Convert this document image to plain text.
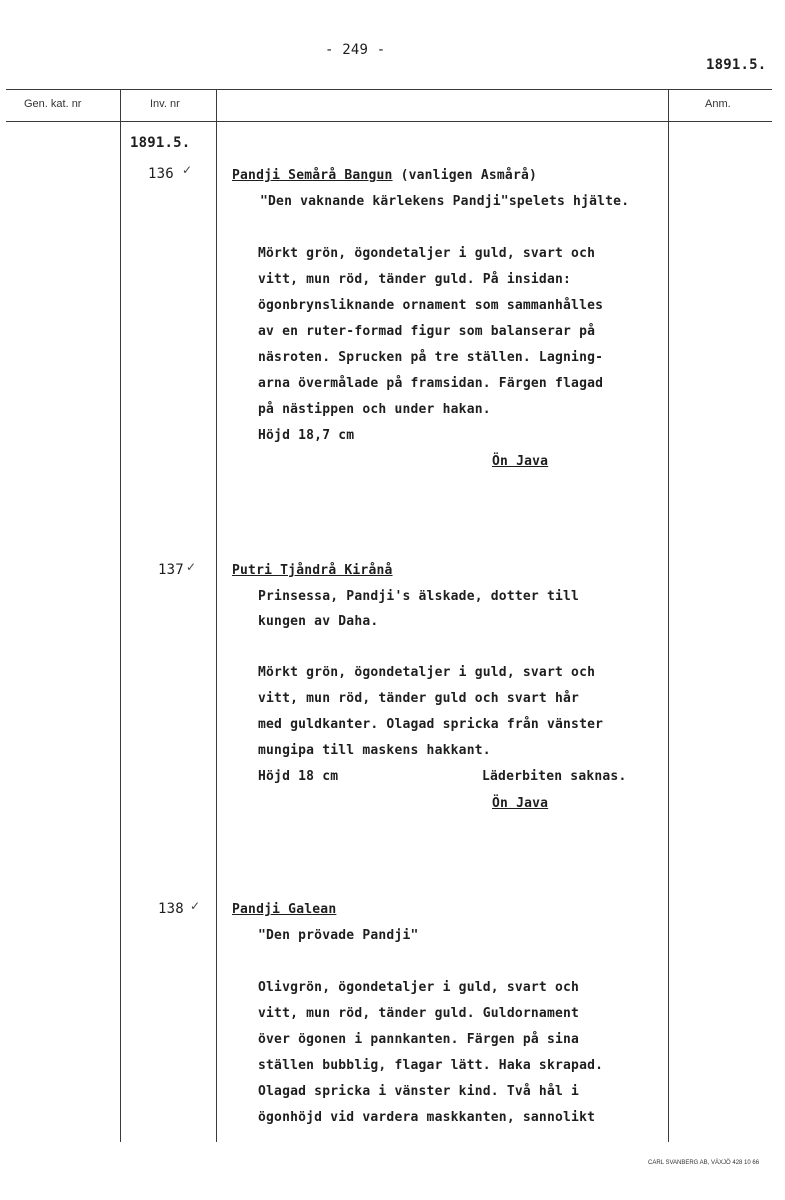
- 249 -
1891.5.
Gen. kat. nr	Inv. nr	Anm.
1891.5.
136 ✓	Pandji Semårå Bangun (vanligen Asmårå)
"Den vaknande kärlekens Pandji"spelets hjälte.
Mörkt grön, ögondetaljer i guld, svart och
vitt, mun röd, tänder guld. På insidan:
ögonbrynsliknande ornament som sammanhålles
av en ruter-formad figur som balanserar på
näsroten. Sprucken på tre ställen. Lagning-
arna övermålade på framsidan. Färgen flagad
på nästippen och under hakan.
Höjd 18,7 cm
Ön Java
137 ✓	Putri Tjåndrå Kirånå
Prinsessa, Pandji's älskade, dotter till
kungen av Daha.
Mörkt grön, ögondetaljer i guld, svart och
vitt, mun röd, tänder guld och svart hår
med guldkanter. Olagad spricka från vänster
mungipa till maskens hakkant.
Höjd 18 cm	Läderbiten saknas.
Ön Java
138 ✓ Pandji Galean
"Den prövade Pandji"
Olivgrön, ögondetaljer i guld, svart och
vitt, mun röd, tänder guld. Guldornament
över ögonen i pannkanten. Färgen på sina
ställen bubblig, flagar lätt. Haka skrapad.
Olagad spricka i vänster kind. Två hål i
ögonhöjd vid vardera maskkanten, sannolikt
CARL SVANBERG AB, VÄXJÖ 428 10 66
